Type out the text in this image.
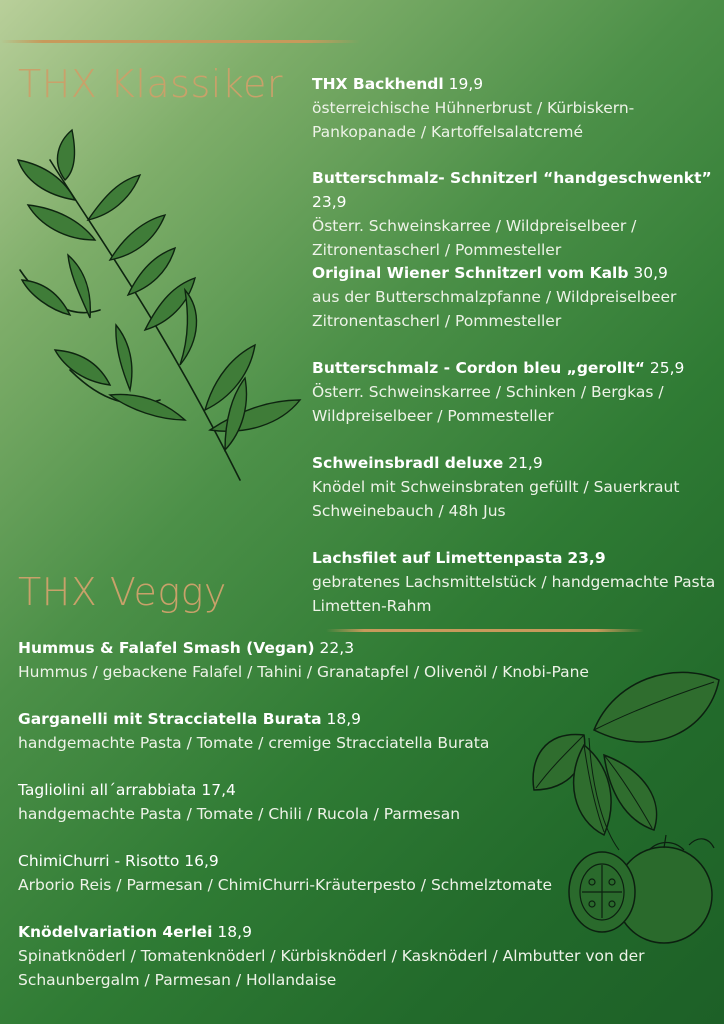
THX Klassiker THX Backhendl 19,9
österreichische Hühnerbrust / Kürbiskern-
Pankopanade / Kartoffelsalatcremé

Butterschmalz- Schnitzerl “handgeschwenkt” 23,9
Österr. Schweinskarree / Wildpreiselbeer /
Zitronentascherl / Pommesteller

Original Wiener Schnitzerl vom Kalb 30,9
aus der Butterschmalzpfanne / Wildpreiselbeer
Zitronentascherl / Pommesteller

Butterschmalz - Cordon bleu „gerollt“ 25,9
Österr. Schweinskarree / Schinken / Bergkas /
Wildpreiselbeer / Pommesteller

Schweinsbradl deluxe 21,9
Knödel mit Schweinsbraten gefüllt / Sauerkraut
Schweinebauch / 48h Jus

Lachsfilet auf Limettenpasta 23,9
gebratenes Lachsmittelstück / handgemachte Pasta
Limetten-Rahm

THX Veggy

Hummus & Falafel Smash (Vegan) 22,3
Hummus / gebackene Falafel / Tahini / Granatapfel / Olivenöl / Knobi-Pane

Garganelli mit Stracciatella Burata 18,9
handgemachte Pasta / Tomate / cremige Stracciatella Burata

Tagliolini all´arrabbiata 17,4
handgemachte Pasta / Tomate / Chili / Rucola / Parmesan

ChimiChurri - Risotto 16,9
Arborio Reis / Parmesan / ChimiChurri-Kräuterpesto / Schmelztomate

Knödelvariation 4erlei 18,9
Spinatknöderl / Tomatenknöderl / Kürbisknöderl / Kasknöderl / Almbutter von der
Schaunbergalm / Parmesan / Hollandaise
